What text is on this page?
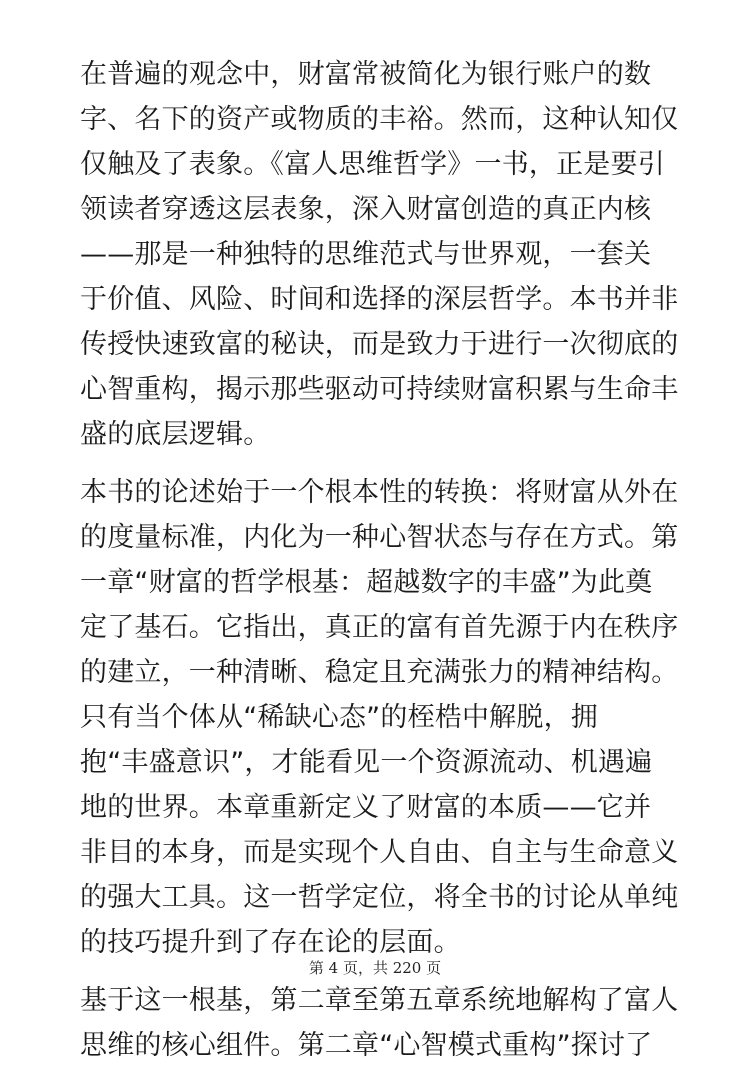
在普遍的观念中，财富常被简化为银行账户的数
字、名下的资产或物质的丰裕。然而，这种认知仅
仅触及了表象。《富人思维哲学》一书，正是要引
领读者穿透这层表象，深入财富创造的真正内核
——那是一种独特的思维范式与世界观，一套关
于价值、风险、时间和选择的深层哲学。本书并非
传授快速致富的秘诀，而是致力于进行一次彻底的
心智重构，揭示那些驱动可持续财富积累与生命丰
盛的底层逻辑。

本书的论述始于一个根本性的转换：将财富从外在
的度量标准，内化为一种心智状态与存在方式。第
一章“财富的哲学根基：超越数字的丰盛”为此奠
定了基石。它指出，真正的富有首先源于内在秩序
的建立，一种清晰、稳定且充满张力的精神结构。
只有当个体从“稀缺心态”的桎梏中解脱，拥
抱“丰盛意识”，才能看见一个资源流动、机遇遍
地的世界。本章重新定义了财富的本质——它并
非目的本身，而是实现个人自由、自主与生命意义
的强大工具。这一哲学定位，将全书的讨论从单纯
的技巧提升到了存在论的层面。

基于这一根基，第二章至第五章系统地解构了富人
思维的核心组件。第二章“心智模式重构”探讨了

第 4 页，共 220 页
